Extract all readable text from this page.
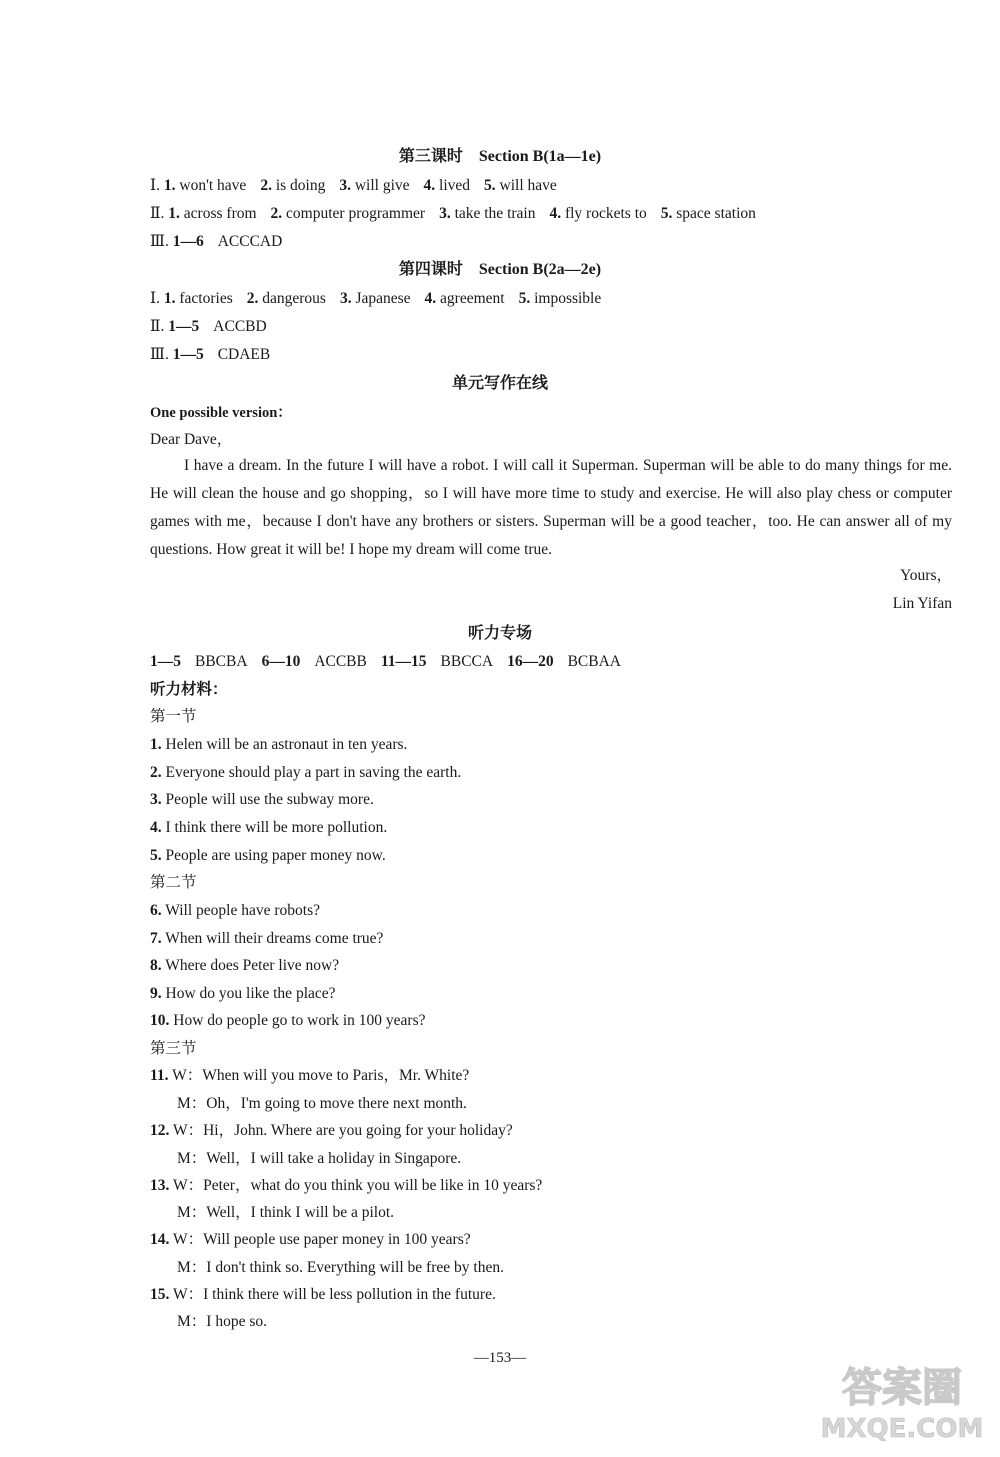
第三课时　Section B(1a—1e)
Ⅰ. 1. won't have 2. is doing 3. will give 4. lived 5. will have
Ⅱ. 1. across from 2. computer programmer 3. take the train 4. fly rockets to 5. space station
Ⅲ. 1—6 ACCCAD
第四课时　Section B(2a—2e)
Ⅰ. 1. factories 2. dangerous 3. Japanese 4. agreement 5. impossible
Ⅱ. 1—5 ACCBD
Ⅲ. 1—5 CDAEB
单元写作在线
One possible version：
Dear Dave，
I have a dream. In the future I will have a robot. I will call it Superman. Superman will be able to do many things for me. He will clean the house and go shopping，so I will have more time to study and exercise. He will also play chess or computer games with me，because I don't have any brothers or sisters. Superman will be a good teacher，too. He can answer all of my questions. How great it will be! I hope my dream will come true.
Yours，
Lin Yifan
听力专场
1—5 BBCBA 6—10 ACCBB 11—15 BBCCA 16—20 BCBAA
听力材料：
第一节
1. Helen will be an astronaut in ten years.
2. Everyone should play a part in saving the earth.
3. People will use the subway more.
4. I think there will be more pollution.
5. People are using paper money now.
第二节
6. Will people have robots?
7. When will their dreams come true?
8. Where does Peter live now?
9. How do you like the place?
10. How do people go to work in 100 years?
第三节
11. W：When will you move to Paris，Mr. White?
M：Oh，I'm going to move there next month.
12. W：Hi，John. Where are you going for your holiday?
M：Well，I will take a holiday in Singapore.
13. W：Peter，what do you think you will be like in 10 years?
M：Well，I think I will be a pilot.
14. W：Will people use paper money in 100 years?
M：I don't think so. Everything will be free by then.
15. W：I think there will be less pollution in the future.
M：I hope so.
—153—
答案圈
MXQE.COM
